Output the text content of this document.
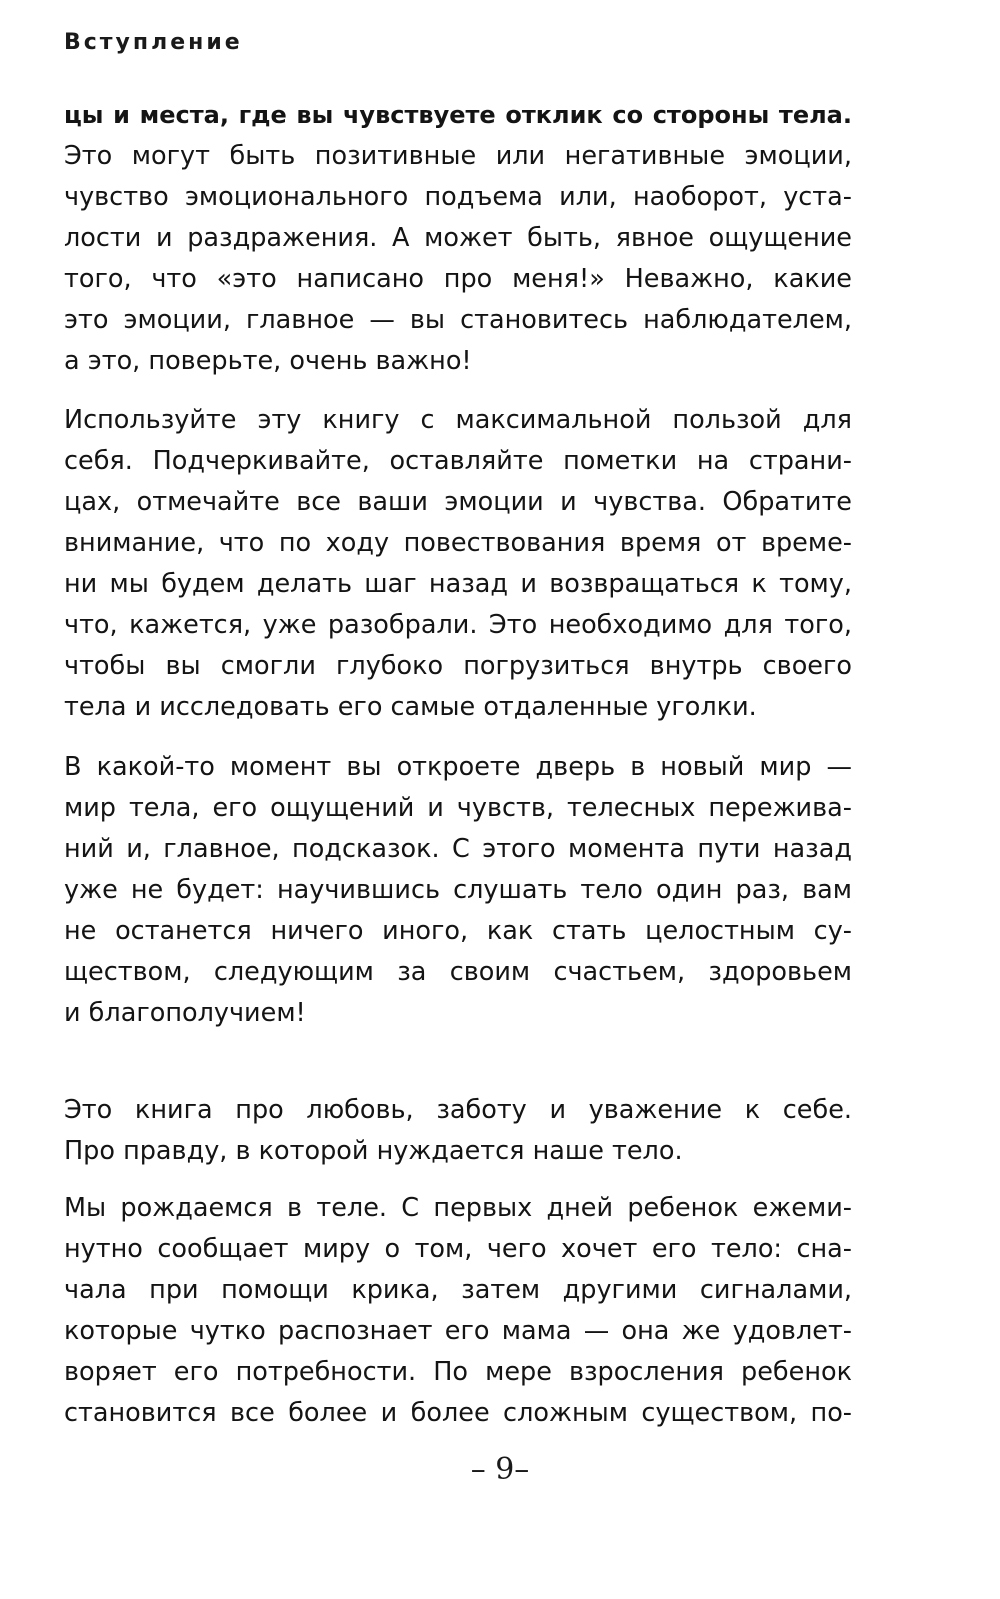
Вступление
цы и места, где вы чувствуете отклик со стороны тела.
Это могут быть позитивные или негативные эмоции,
чувство эмоционального подъема или, наоборот, уста-
лости и раздражения. А может быть, явное ощущение
того, что «это написано про меня!» Неважно, какие
это эмоции, главное — вы становитесь наблюдателем,
а это, поверьте, очень важно!
Используйте эту книгу с максимальной пользой для
себя. Подчеркивайте, оставляйте пометки на страни-
цах, отмечайте все ваши эмоции и чувства. Обратите
внимание, что по ходу повествования время от време-
ни мы будем делать шаг назад и возвращаться к тому,
что, кажется, уже разобрали. Это необходимо для того,
чтобы вы смогли глубоко погрузиться внутрь своего
тела и исследовать его самые отдаленные уголки.
В какой-то момент вы откроете дверь в новый мир —
мир тела, его ощущений и чувств, телесных пережива-
ний и, главное, подсказок. С этого момента пути назад
уже не будет: научившись слушать тело один раз, вам
не останется ничего иного, как стать целостным су-
ществом, следующим за своим счастьем, здоровьем
и благополучием!
Это книга про любовь, заботу и уважение к себе.
Про правду, в которой нуждается наше тело.
Мы рождаемся в теле. С первых дней ребенок ежеми-
нутно сообщает миру о том, чего хочет его тело: сна-
чала при помощи крика, затем другими сигналами,
которые чутко распознает его мама — она же удовлет-
воряет его потребности. По мере взросления ребенок
становится все более и более сложным существом, по-
– 9–
